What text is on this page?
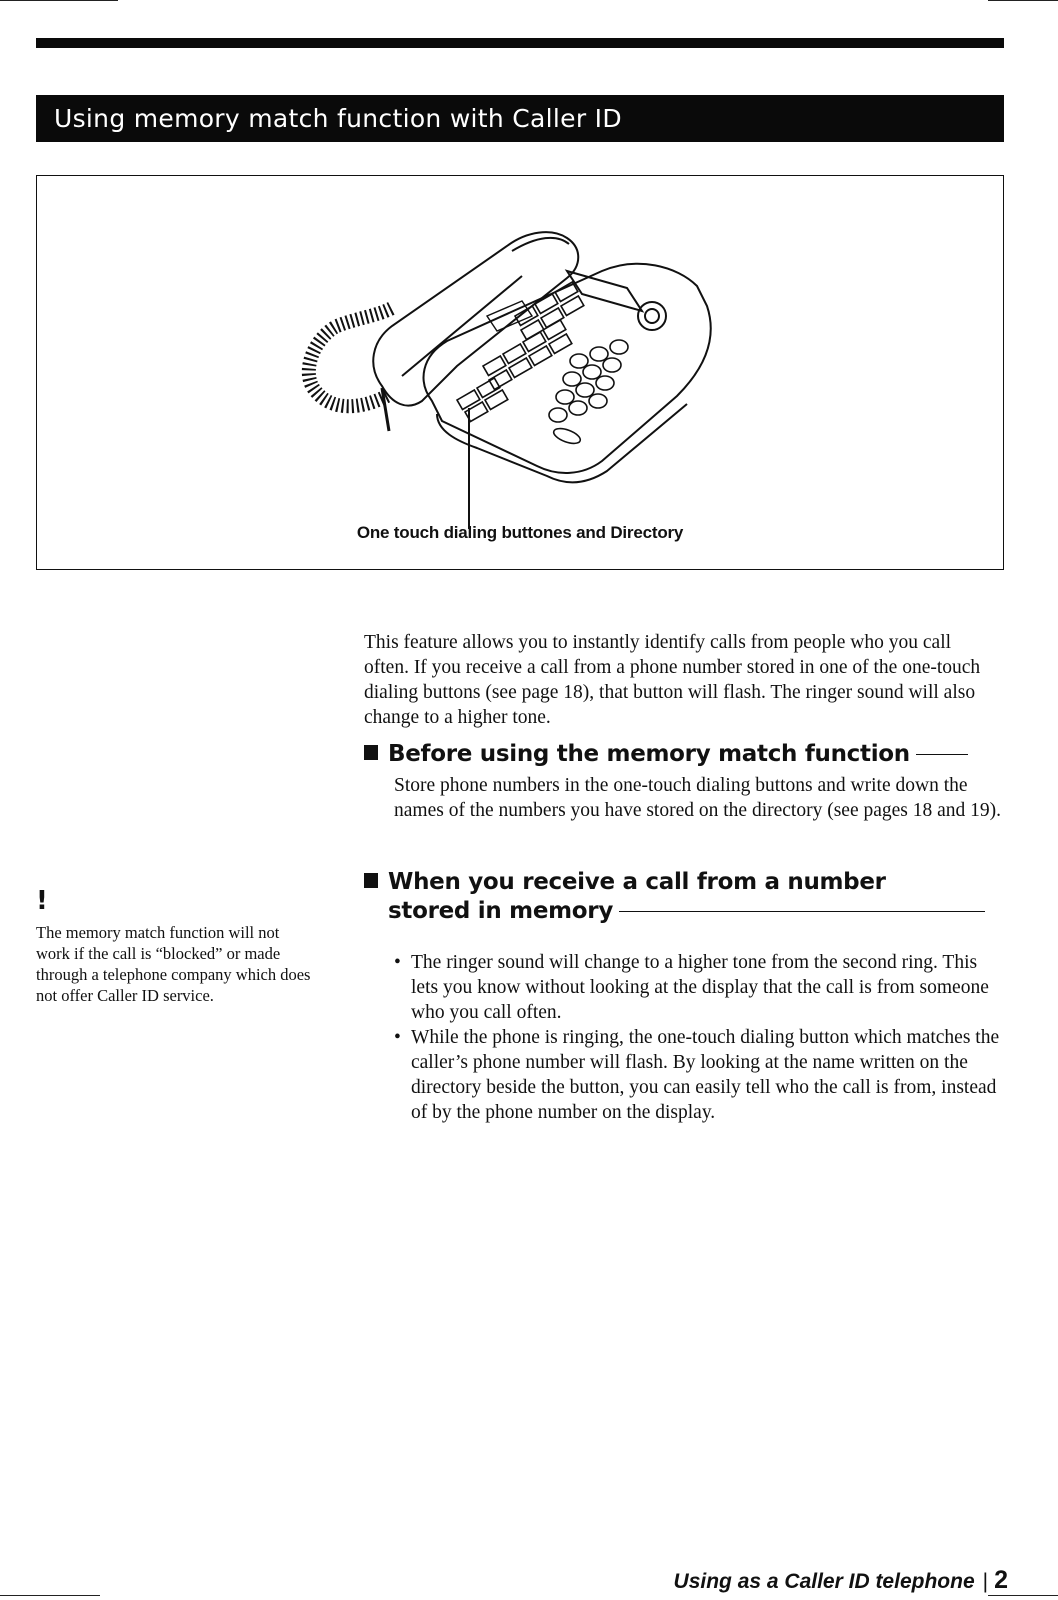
Using memory match function with Caller ID
One touch dialing buttones and Directory

This feature allows you to instantly identify calls from people who you call often. If you receive a call from a phone number stored in one of the one-touch dialing buttons (see page 18), that button will flash. The ringer sound will also change to a higher tone.

Before using the memory match function

Store phone numbers in the one-touch dialing buttons and write down the names of the numbers you have stored on the directory (see pages 18 and 19).

When you receive a call from a number
stored in memory
• The ringer sound will change to a higher tone from the second ring. This lets you know without looking at the display that the call is from someone who you call often.
• While the phone is ringing, the one-touch dialing button which matches the caller’s phone number will flash. By looking at the name written on the directory beside the button, you can easily tell who the call is from, instead of by the phone number on the display.
!

The memory match function will not work if the call is “blocked” or made through a telephone company which does not offer Caller ID service.

Using as a Caller ID telephone | 2
